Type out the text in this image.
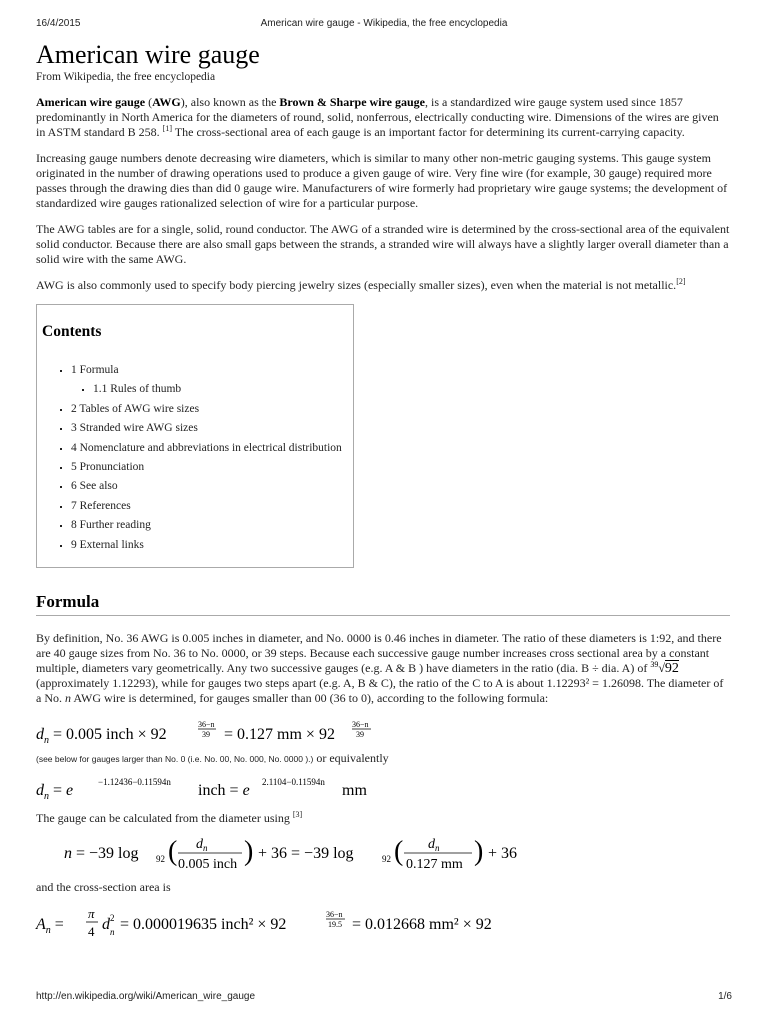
16/4/2015	American wire gauge - Wikipedia, the free encyclopedia
American wire gauge
From Wikipedia, the free encyclopedia

American wire gauge (AWG), also known as the Brown & Sharpe wire gauge, is a standardized wire gauge system used since 1857 predominantly in North America for the diameters of round, solid, nonferrous, electrically conducting wire. Dimensions of the wires are given in ASTM standard B 258. [1] The cross-sectional area of each gauge is an important factor for determining its current-carrying capacity.

Increasing gauge numbers denote decreasing wire diameters, which is similar to many other non-metric gauging systems. This gauge system originated in the number of drawing operations used to produce a given gauge of wire. Very fine wire (for example, 30 gauge) required more passes through the drawing dies than did 0 gauge wire. Manufacturers of wire formerly had proprietary wire gauge systems; the development of standardized wire gauges rationalized selection of wire for a particular purpose.

The AWG tables are for a single, solid, round conductor. The AWG of a stranded wire is determined by the cross-sectional area of the equivalent solid conductor. Because there are also small gaps between the strands, a stranded wire will always have a slightly larger overall diameter than a solid wire with the same AWG.

AWG is also commonly used to specify body piercing jewelry sizes (especially smaller sizes), even when the material is not metallic.[2]

Contents
▪ 1 Formula
▪ 1.1 Rules of thumb
▪ 2 Tables of AWG wire sizes
▪ 3 Stranded wire AWG sizes
▪ 4 Nomenclature and abbreviations in electrical distribution
▪ 5 Pronunciation
▪ 6 See also
▪ 7 References
▪ 8 Further reading
▪ 9 External links
Formula

By definition, No. 36 AWG is 0.005 inches in diameter, and No. 0000 is 0.46 inches in diameter. The ratio of these diameters is 1:92, and there are 40 gauge sizes from No. 36 to No. 0000, or 39 steps. Because each successive gauge number increases cross sectional area by a constant multiple, diameters vary geometrically. Any two successive gauges (e.g. A & B ) have diameters in the ratio (dia. B ÷ dia. A) of $^{39}$√92 (approximately 1.12293), while for gauges two steps apart (e.g. A, B & C), the ratio of the C to A is about 1.12293² = 1.26098. The diameter of a No. n AWG wire is determined, for gauges smaller than 00 (36 to 0), according to the following formula:

$d_n = 0.005$ inch × 92
36−n
39 = 0.127 mm × 92
36−n
39

(see below for gauges larger than No. 0 (i.e. No. 00, No. 000, No. 0000 ).) or equivalently

$d_n = e$	−1.12436−0.11594n inch = e 2.1104−0.11594n mm

The gauge can be calculated from the diameter using [3]

n = −39 log 92 ( $d_n$
0.005 inch ) + 36 = −39 log	92 ( $d_n$
0.127 mm ) + 36

and the cross-section area is

$A_n$ =
π
4 d 2
n = 0.000019635 inch² × 92
36−n
19.5 = 0.012668 mm² × 92
http://en.wikipedia.org/wiki/American_wire_gauge	1/6
